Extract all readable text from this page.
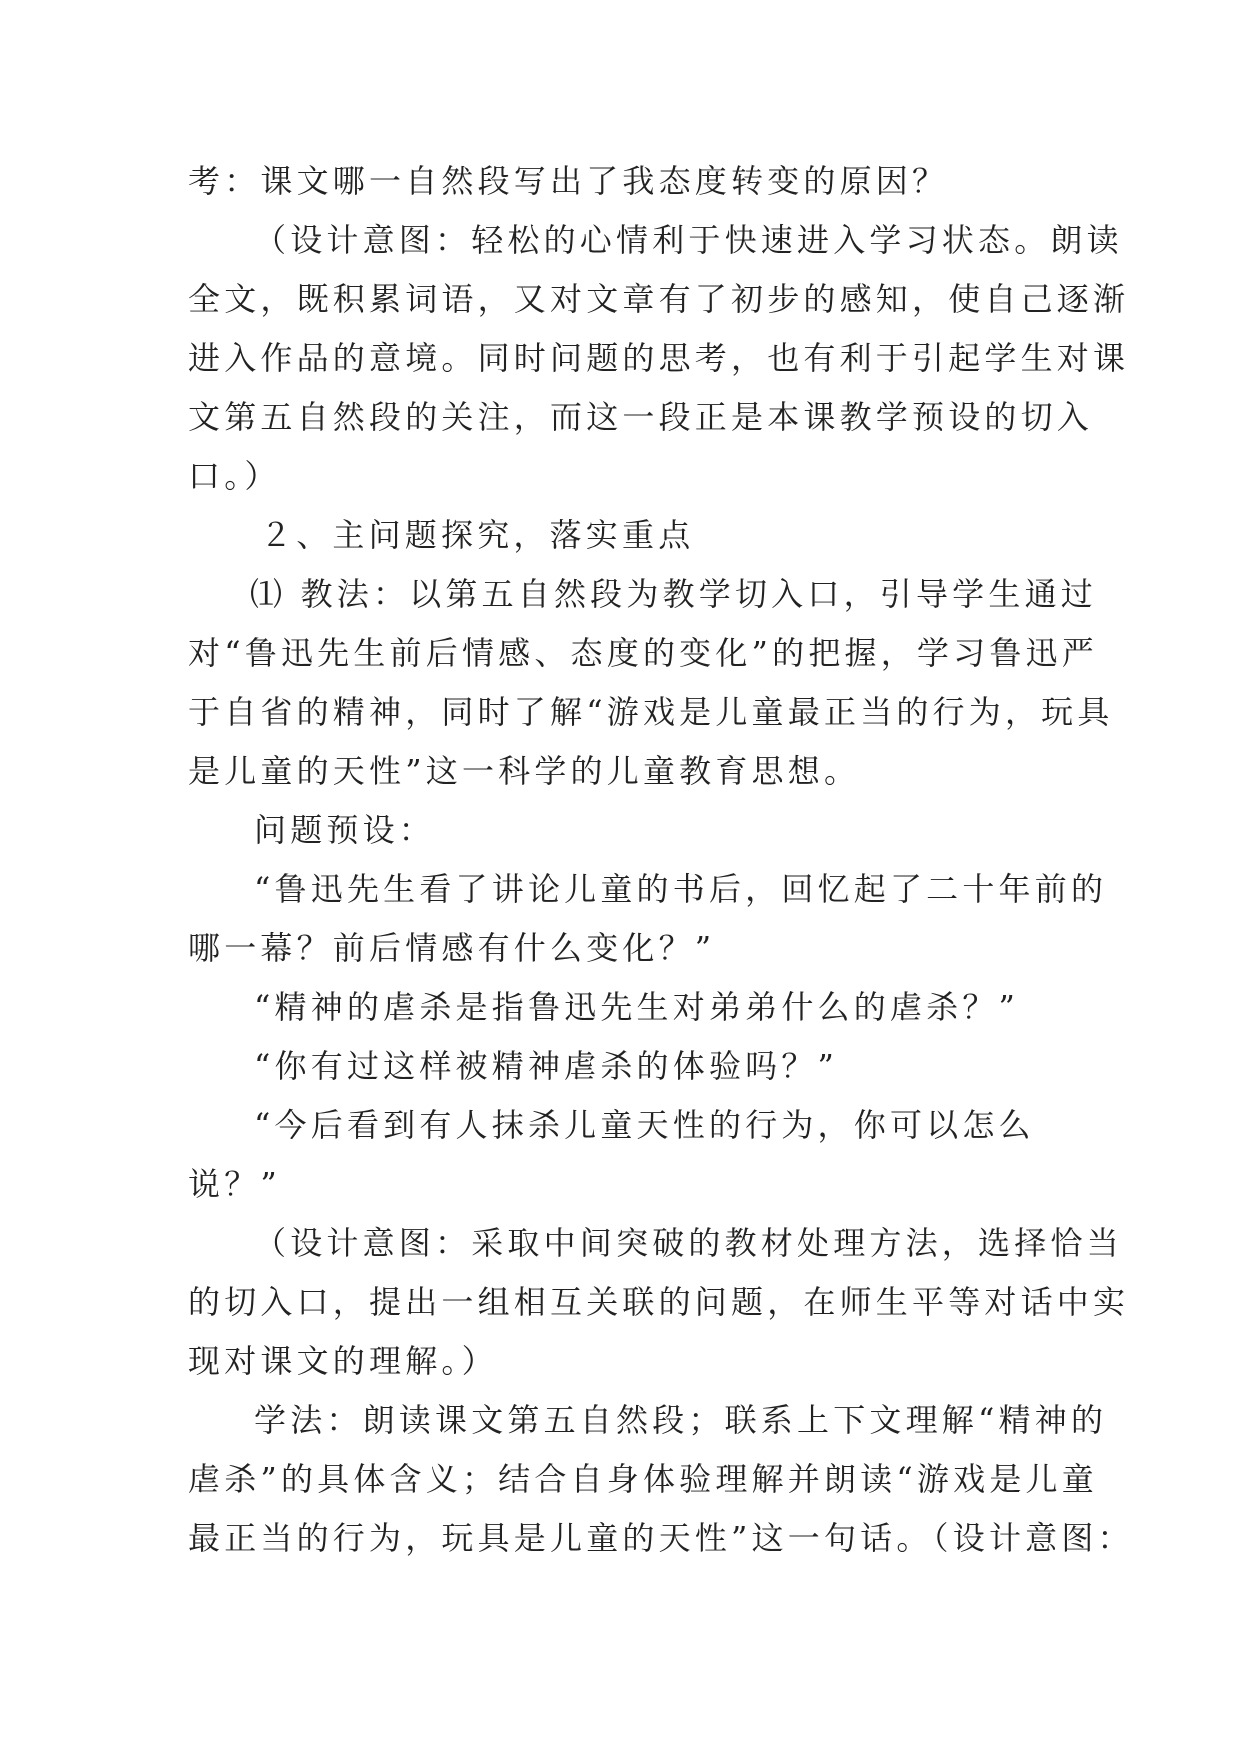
考：课文哪一自然段写出了我态度转变的原因？
（设计意图：轻松的心情利于快速进入学习状态。朗读
全文，既积累词语，又对文章有了初步的感知，使自己逐渐
进入作品的意境。同时问题的思考，也有利于引起学生对课
文第五自然段的关注，而这一段正是本课教学预设的切入
口。）
２、主问题探究，落实重点
⑴ 教法：以第五自然段为教学切入口，引导学生通过
对“鲁迅先生前后情感、态度的变化”的把握，学习鲁迅严
于自省的精神，同时了解“游戏是儿童最正当的行为，玩具
是儿童的天性”这一科学的儿童教育思想。
问题预设：
“鲁迅先生看了讲论儿童的书后，回忆起了二十年前的
哪一幕？前后情感有什么变化？”
“精神的虐杀是指鲁迅先生对弟弟什么的虐杀？”
“你有过这样被精神虐杀的体验吗？”
“今后看到有人抹杀儿童天性的行为，你可以怎么
说？”
（设计意图：采取中间突破的教材处理方法，选择恰当
的切入口，提出一组相互关联的问题，在师生平等对话中实
现对课文的理解。）
学法：朗读课文第五自然段；联系上下文理解“精神的
虐杀”的具体含义；结合自身体验理解并朗读“游戏是儿童
最正当的行为，玩具是儿童的天性”这一句话。（设计意图：
